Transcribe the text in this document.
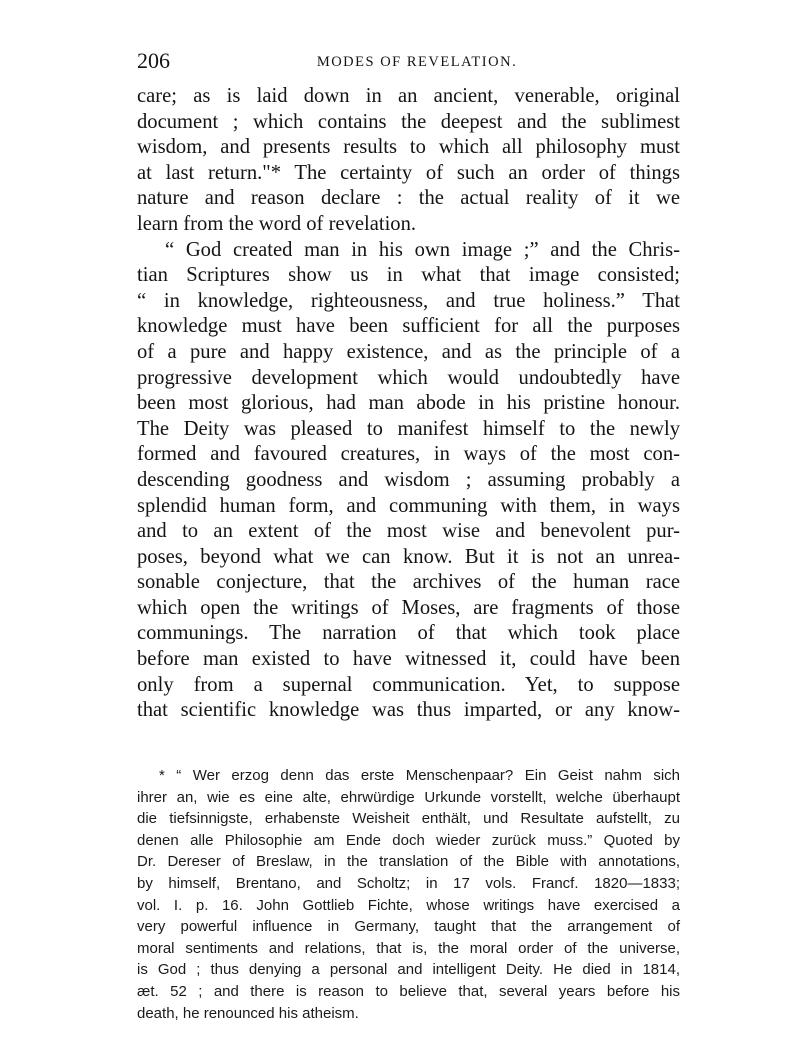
206	MODES OF REVELATION.
care; as is laid down in an ancient, venerable, original
document ; which contains the deepest and the sublimest
wisdom, and presents results to which all philosophy must
at last return."* The certainty of such an order of things
nature and reason declare : the actual reality of it we
learn from the word of revelation.
“ God created man in his own image ;” and the Chris-
tian Scriptures show us in what that image consisted;
“ in knowledge, righteousness, and true holiness.” That
knowledge must have been sufficient for all the purposes
of a pure and happy existence, and as the principle of a
progressive development which would undoubtedly have
been most glorious, had man abode in his pristine honour.
The Deity was pleased to manifest himself to the newly
formed and favoured creatures, in ways of the most con-
descending goodness and wisdom ; assuming probably a
splendid human form, and communing with them, in ways
and to an extent of the most wise and benevolent pur-
poses, beyond what we can know. But it is not an unrea-
sonable conjecture, that the archives of the human race
which open the writings of Moses, are fragments of those
communings. The narration of that which took place
before man existed to have witnessed it, could have been
only from a supernal communication. Yet, to suppose
that scientific knowledge was thus imparted, or any know-
* “ Wer erzog denn das erste Menschenpaar? Ein Geist nahm sich
ihrer an, wie es eine alte, ehrwürdige Urkunde vorstellt, welche überhaupt
die tiefsinnigste, erhabenste Weisheit enthält, und Resultate aufstellt, zu
denen alle Philosophie am Ende doch wieder zurück muss.” Quoted by
Dr. Dereser of Breslaw, in the translation of the Bible with annotations,
by himself, Brentano, and Scholtz; in 17 vols. Francf. 1820—1833;
vol. I. p. 16. John Gottlieb Fichte, whose writings have exercised a
very powerful influence in Germany, taught that the arrangement of
moral sentiments and relations, that is, the moral order of the universe,
is God ; thus denying a personal and intelligent Deity. He died in 1814,
æt. 52 ; and there is reason to believe that, several years before his
death, he renounced his atheism.
